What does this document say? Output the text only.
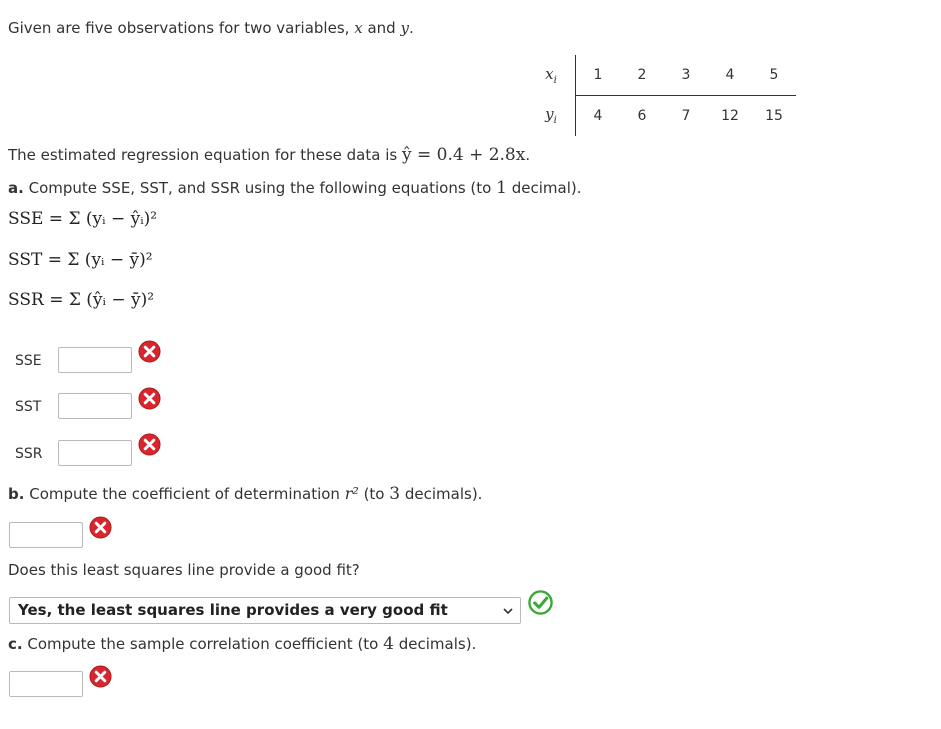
Given are five observations for two variables, x and y.
$x_i$	1	2	3	4	5
$y_i$	4	6	7	12	15
The estimated regression equation for these data is ŷ = 0.4 + 2.8x.
a. Compute SSE, SST, and SSR using the following equations (to 1 decimal).
SSE = Σ (yᵢ − ŷᵢ)²
SST = Σ (yᵢ − ȳ)²
SSR = Σ (ŷᵢ − ȳ)²
SSE
SST
SSR
b. Compute the coefficient of determination r² (to 3 decimals).
Does this least squares line provide a good fit?
Yes, the least squares line provides a very good fit
c. Compute the sample correlation coefficient (to 4 decimals).
